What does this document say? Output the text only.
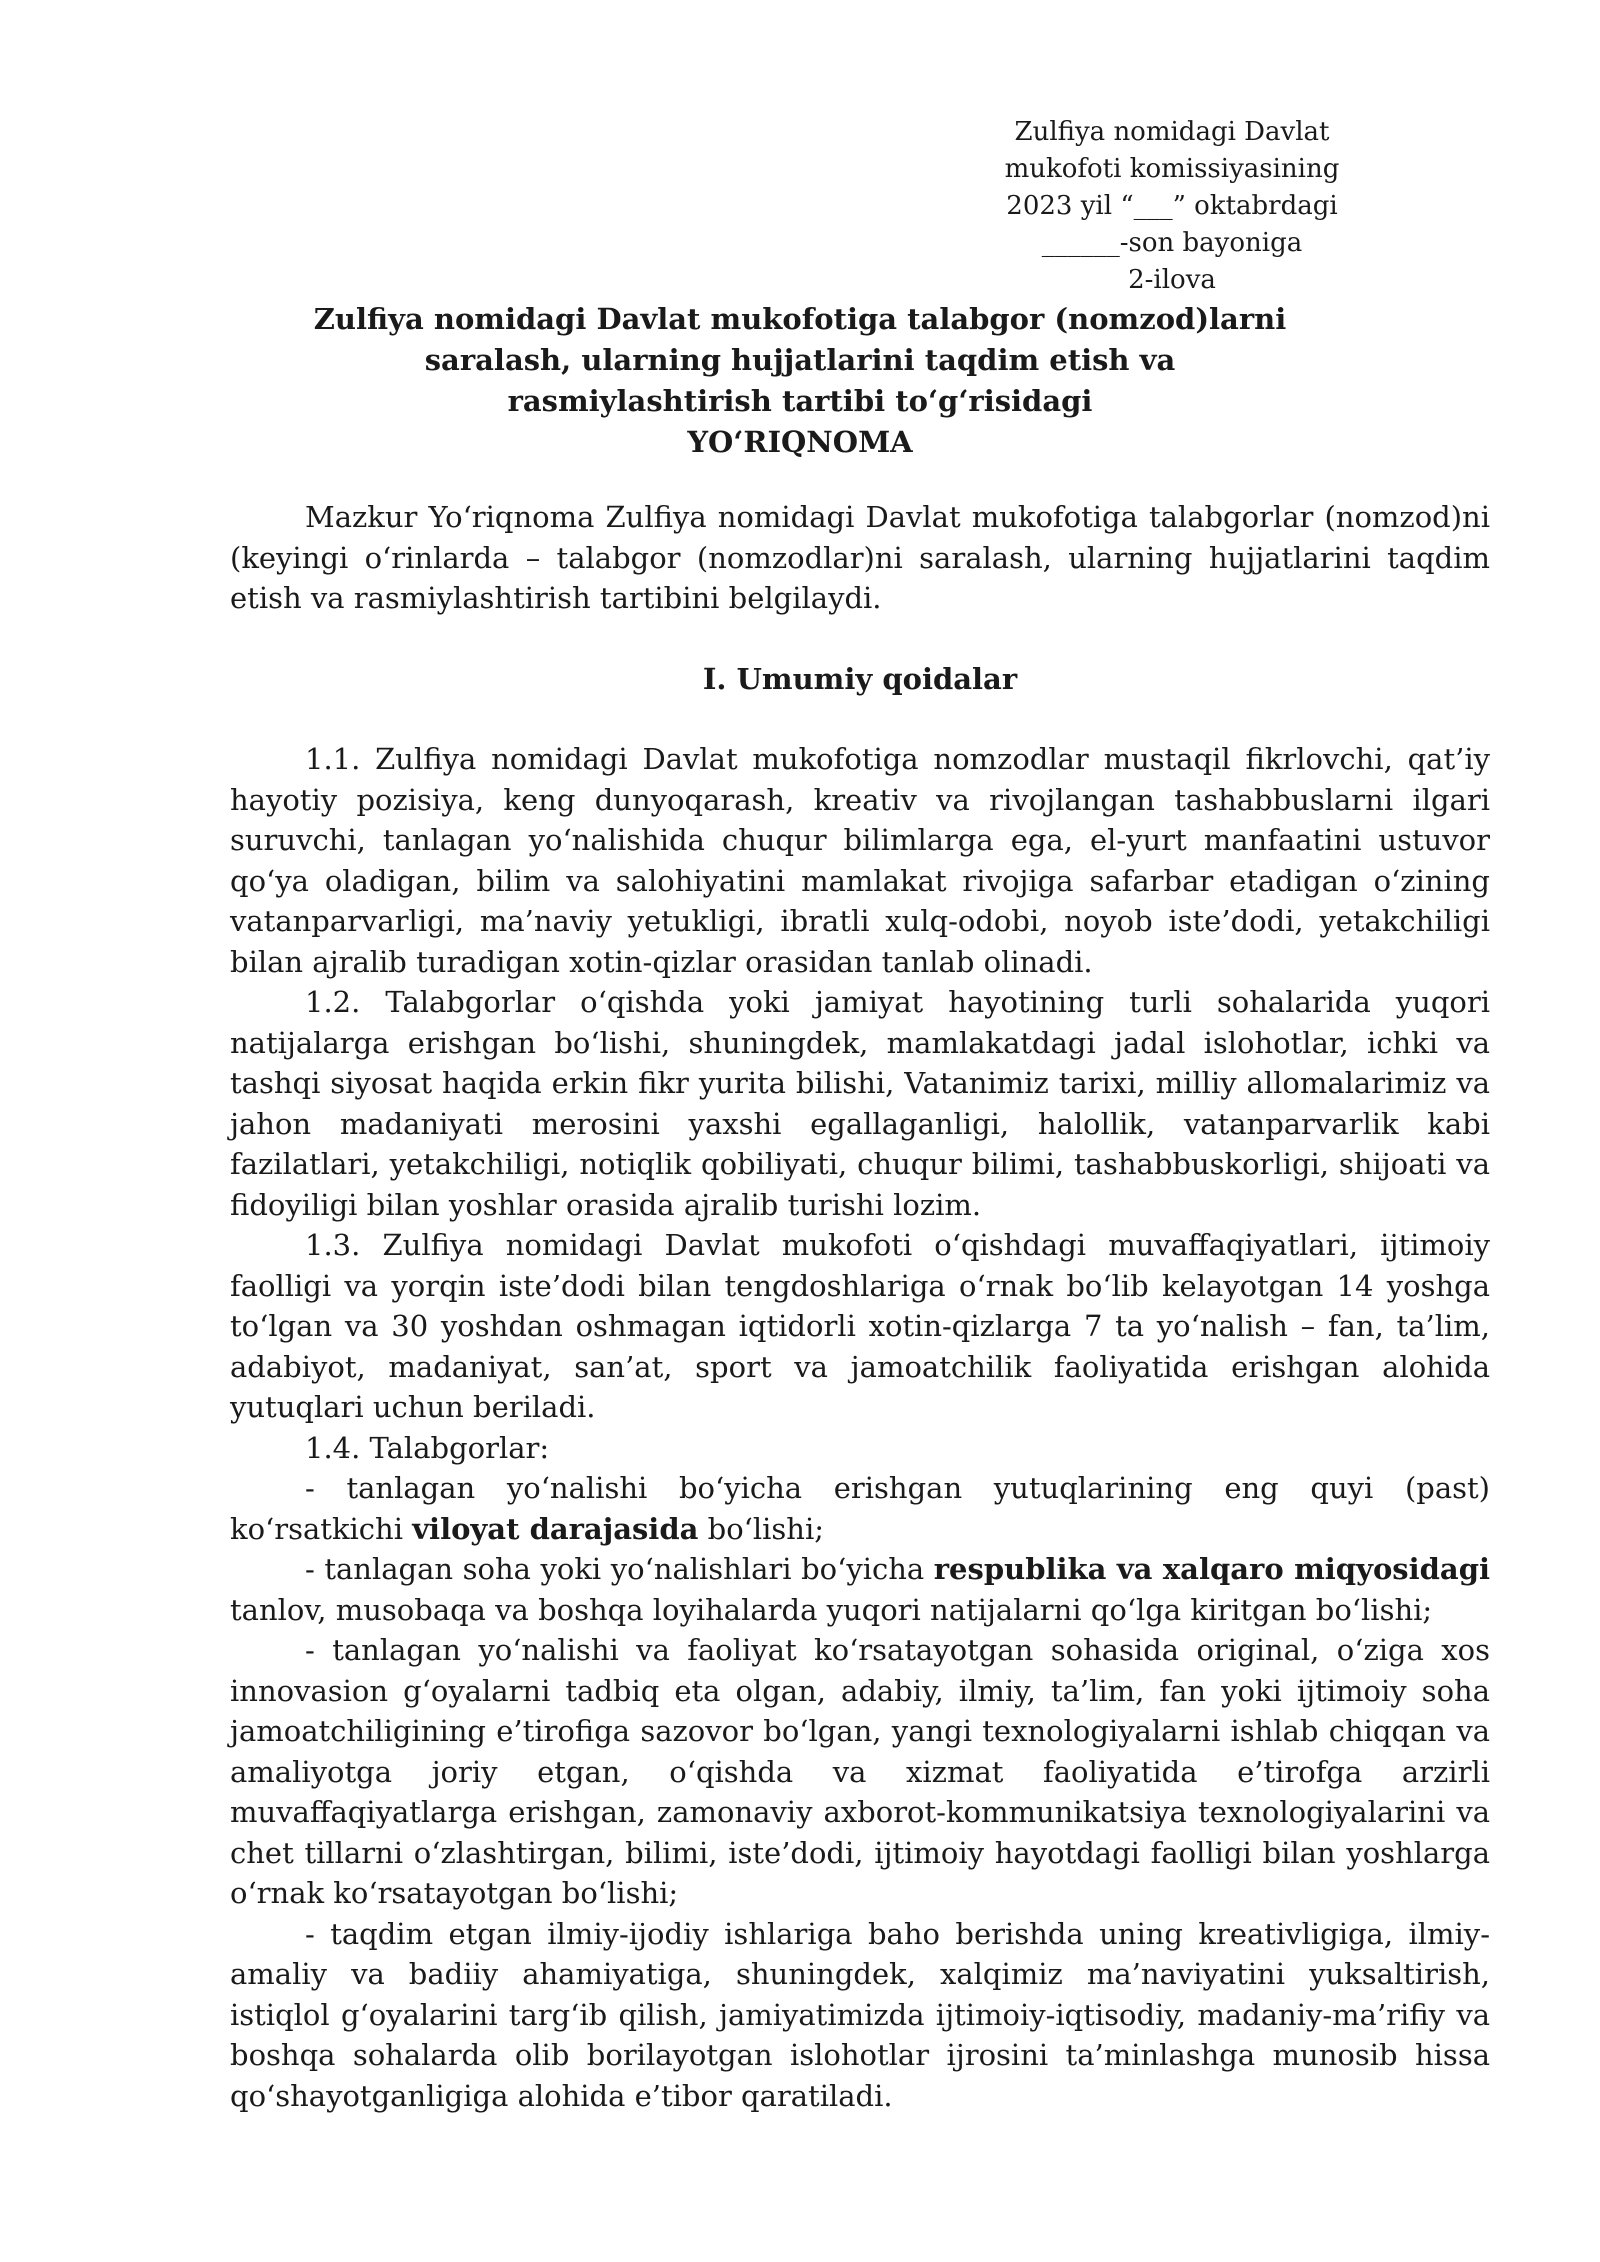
Zulfiya nomidagi Davlat
mukofoti komissiyasining
2023 yil “___” oktabrdagi
______-son bayoniga
2-ilova
Zulfiya nomidagi Davlat mukofotiga talabgor (nomzod)larni
saralash, ularning hujjatlarini taqdim etish va
rasmiylashtirish tartibi to‘g‘risidagi
YO‘RIQNOMA

Mazkur Yo‘riqnoma Zulfiya nomidagi Davlat mukofotiga talabgorlar (nomzod)ni (keyingi o‘rinlarda – talabgor (nomzodlar)ni saralash, ularning hujjatlarini taqdim etish va rasmiylashtirish tartibini belgilaydi.

I. Umumiy qoidalar

1.1. Zulfiya nomidagi Davlat mukofotiga nomzodlar mustaqil fikrlovchi, qat’iy hayotiy pozisiya, keng dunyoqarash, kreativ va rivojlangan tashabbuslarni ilgari suruvchi, tanlagan yo‘nalishida chuqur bilimlarga ega, el-yurt manfaatini ustuvor qo‘ya oladigan, bilim va salohiyatini mamlakat rivojiga safarbar etadigan o‘zining vatanparvarligi, ma’naviy yetukligi, ibratli xulq-odobi, noyob iste’dodi, yetakchiligi bilan ajralib turadigan xotin-qizlar orasidan tanlab olinadi.

1.2. Talabgorlar o‘qishda yoki jamiyat hayotining turli sohalarida yuqori natijalarga erishgan bo‘lishi, shuningdek, mamlakatdagi jadal islohotlar, ichki va tashqi siyosat haqida erkin fikr yurita bilishi, Vatanimiz tarixi, milliy allomalarimiz va jahon madaniyati merosini yaxshi egallaganligi, halollik, vatanparvarlik kabi fazilatlari, yetakchiligi, notiqlik qobiliyati, chuqur bilimi, tashabbuskorligi, shijoati va fidoyiligi bilan yoshlar orasida ajralib turishi lozim.

1.3. Zulfiya nomidagi Davlat mukofoti o‘qishdagi muvaffaqiyatlari, ijtimoiy faolligi va yorqin iste’dodi bilan tengdoshlariga o‘rnak bo‘lib kelayotgan 14 yoshga to‘lgan va 30 yoshdan oshmagan iqtidorli xotin-qizlarga 7 ta yo‘nalish – fan, ta’lim, adabiyot, madaniyat, san’at, sport va jamoatchilik faoliyatida erishgan alohida yutuqlari uchun beriladi.

1.4. Talabgorlar:

- tanlagan yo‘nalishi bo‘yicha erishgan yutuqlarining eng quyi (past) ko‘rsatkichi viloyat darajasida bo‘lishi;

- tanlagan soha yoki yo‘nalishlari bo‘yicha respublika va xalqaro miqyosidagi tanlov, musobaqa va boshqa loyihalarda yuqori natijalarni qo‘lga kiritgan bo‘lishi;

- tanlagan yo‘nalishi va faoliyat ko‘rsatayotgan sohasida original, o‘ziga xos innovasion g‘oyalarni tadbiq eta olgan, adabiy, ilmiy, ta’lim, fan yoki ijtimoiy soha jamoatchiligining e’tirofiga sazovor bo‘lgan, yangi texnologiyalarni ishlab chiqqan va amaliyotga joriy etgan, o‘qishda va xizmat faoliyatida e’tirofga arzirli muvaffaqiyatlarga erishgan, zamonaviy axborot-kommunikatsiya texnologiyalarini va chet tillarni o‘zlashtirgan, bilimi, iste’dodi, ijtimoiy hayotdagi faolligi bilan yoshlarga o‘rnak ko‘rsatayotgan bo‘lishi;

- taqdim etgan ilmiy-ijodiy ishlariga baho berishda uning kreativligiga, ilmiy-amaliy va badiiy ahamiyatiga, shuningdek, xalqimiz ma’naviyatini yuksaltirish, istiqlol g‘oyalarini targ‘ib qilish, jamiyatimizda ijtimoiy-iqtisodiy, madaniy-ma’rifiy va boshqa sohalarda olib borilayotgan islohotlar ijrosini ta’minlashga munosib hissa qo‘shayotganligiga alohida e’tibor qaratiladi.
